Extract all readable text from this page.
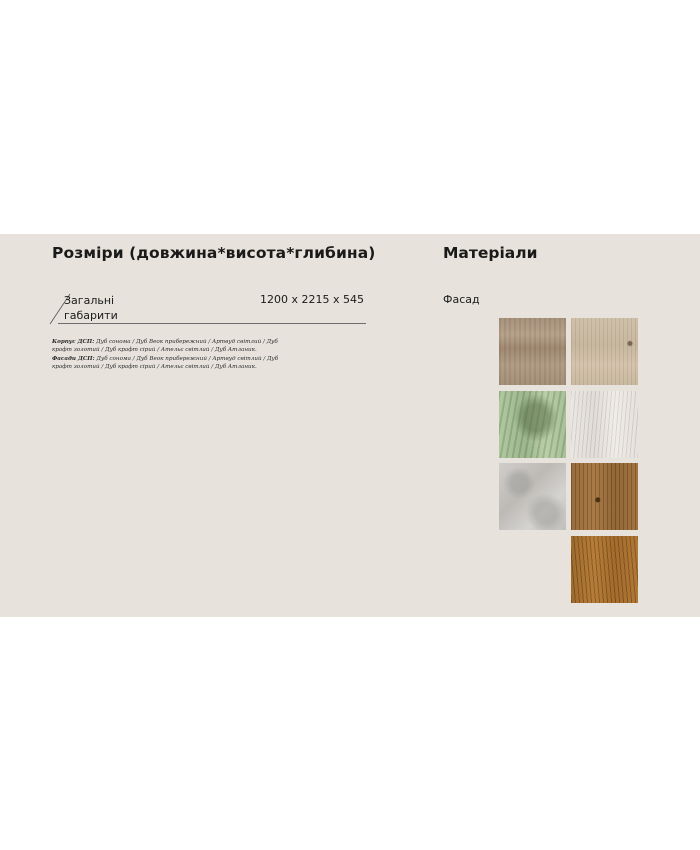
Розміри (довжина*висота*глибина)	Матеріали
Загальні габарити
1200 x 2215 x 545
Корпус ДСП: Дуб сонома / Дуб Веок прибережний / Артвуд світлий / Дуб крафт золотий / Дуб крафт сірий / Ательє світлий / Дуб Атланик.
Фасади ДСП: Дуб сонома / Дуб Веок прибережний / Артвуд світлий / Дуб крафт золотий / Дуб крафт сірий / Ательє світлий / Дуб Атланик.
Фасад
